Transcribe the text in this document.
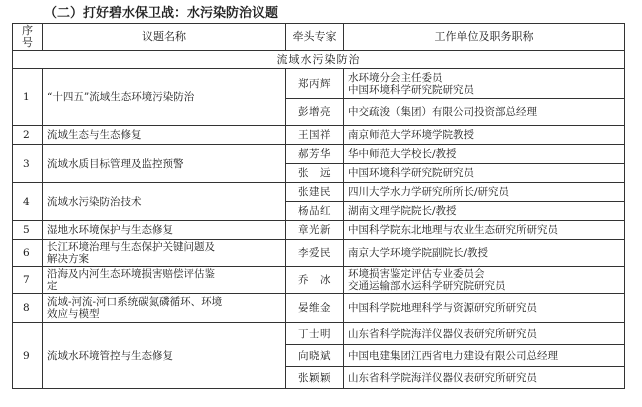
（二）打好碧水保卫战：水污染防治议题
序
号	议题名称	牵头专家	工作单位及职务职称
流域水污染防治			
1	“十四五”流域生态环境污染防治	郑丙辉	水环境分会主任委员
中国环境科学研究院研究员

		彭增亮	中交疏浚（集团）有限公司投资部总经理
2	流域生态与生态修复	王国祥	南京师范大学环境学院教授
3	流域水质目标管理及监控预警	郝芳华	华中师范大学校长/教授
		张　远	中国环境科学研究院研究员
4	流域水污染防治技术	张建民	四川大学水力学研究所所长/研究员
		杨品红	湖南文理学院院长/教授
5	湿地水环境保护与生态修复	章光新	中国科学院东北地理与农业生态研究所研究员
6	长江环境治理与生态保护关键问题及
解决方案	李爱民	南京大学环境学院副院长/教授
7	沿海及内河生态环境损害赔偿评估鉴
定	乔　冰	环境损害鉴定评估专业委员会
交通运输部水运科学研究院研究员

8	流域-河流-河口系统碳氮磷循环、环境
效应与模型	晏维金	中国科学院地理科学与资源研究所研究员
9	流域水环境管控与生态修复	丁士明	山东省科学院海洋仪器仪表研究所研究员
		向晓斌	中国电建集团江西省电力建设有限公司总经理
		张颖颖	山东省科学院海洋仪器仪表研究所研究员
